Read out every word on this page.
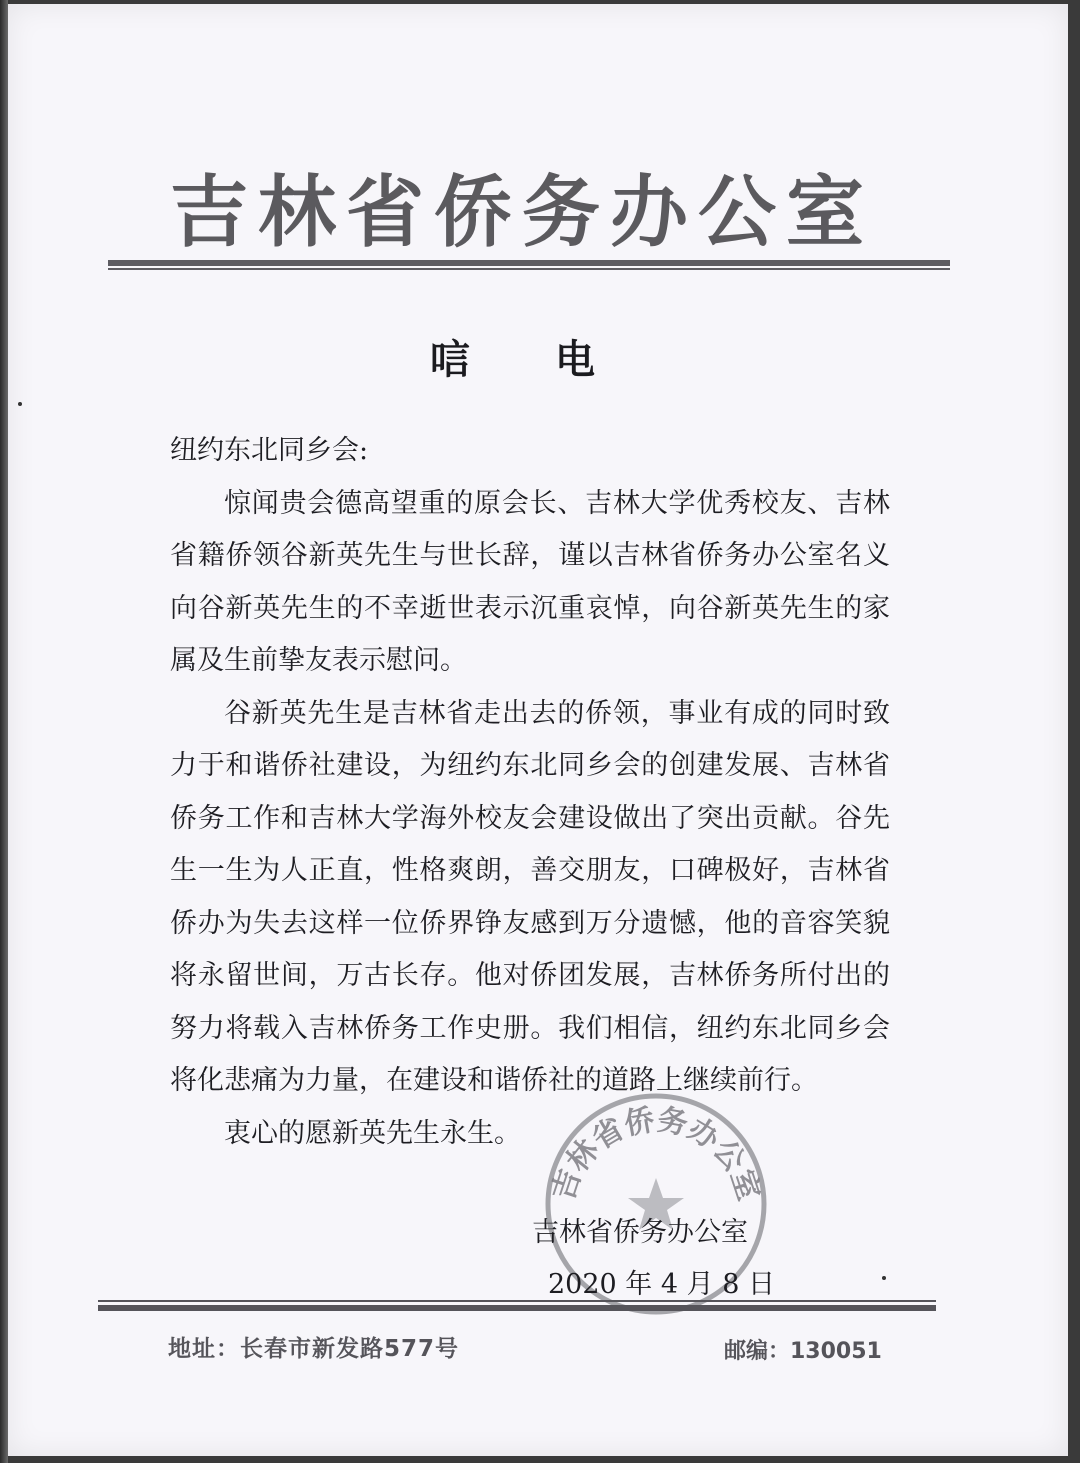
吉林省侨务办公室
唁电

纽约东北同乡会:

惊闻贵会德高望重的原会长、吉林大学优秀校友、吉林省籍侨领谷新英先生与世长辞，谨以吉林省侨务办公室名义向谷新英先生的不幸逝世表示沉重哀悼，向谷新英先生的家属及生前挚友表示慰问。

谷新英先生是吉林省走出去的侨领，事业有成的同时致力于和谐侨社建设，为纽约东北同乡会的创建发展、吉林省侨务工作和吉林大学海外校友会建设做出了突出贡献。谷先生一生为人正直，性格爽朗，善交朋友，口碑极好，吉林省侨办为失去这样一位侨界铮友感到万分遗憾，他的音容笑貌将永留世间，万古长存。他对侨团发展，吉林侨务所付出的努力将载入吉林侨务工作史册。我们相信，纽约东北同乡会将化悲痛为力量，在建设和谐侨社的道路上继续前行。

衷心的愿新英先生永生。

吉林省侨务办公室
吉林省侨务办公室
2020 年 4 月 8 日
地址：长春市新发路577号	邮编：130051
